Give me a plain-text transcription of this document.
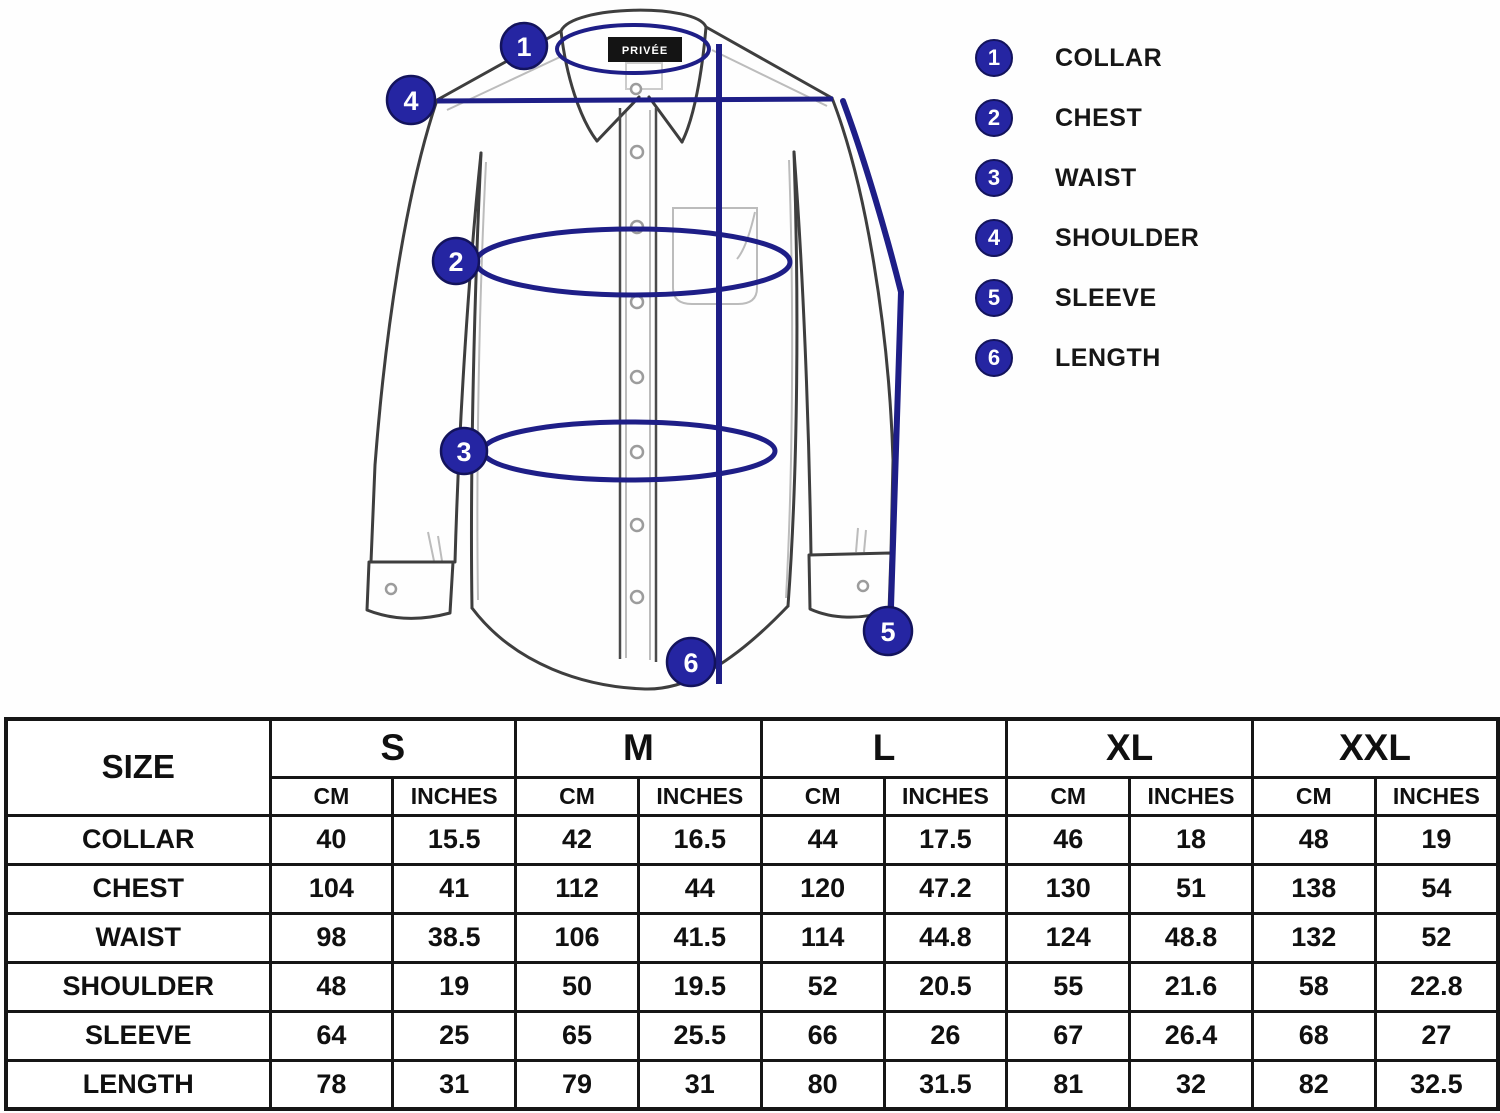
PRIVÉE
1
2
3
4
5
6
1	COLLAR
2	CHEST
3	WAIST
4	SHOULDER
5	SLEEVE
6	LENGTH
SIZE	S		M		L		XL		XXL	
	CM	INCHES	CM	INCHES	CM	INCHES	CM	INCHES	CM	INCHES
COLLAR	40	15.5	42	16.5	44	17.5	46	18	48	19
CHEST	104	41	112	44	120	47.2	130	51	138	54
WAIST	98	38.5	106	41.5	114	44.8	124	48.8	132	52
SHOULDER	48	19	50	19.5	52	20.5	55	21.6	58	22.8
SLEEVE	64	25	65	25.5	66	26	67	26.4	68	27
LENGTH	78	31	79	31	80	31.5	81	32	82	32.5
